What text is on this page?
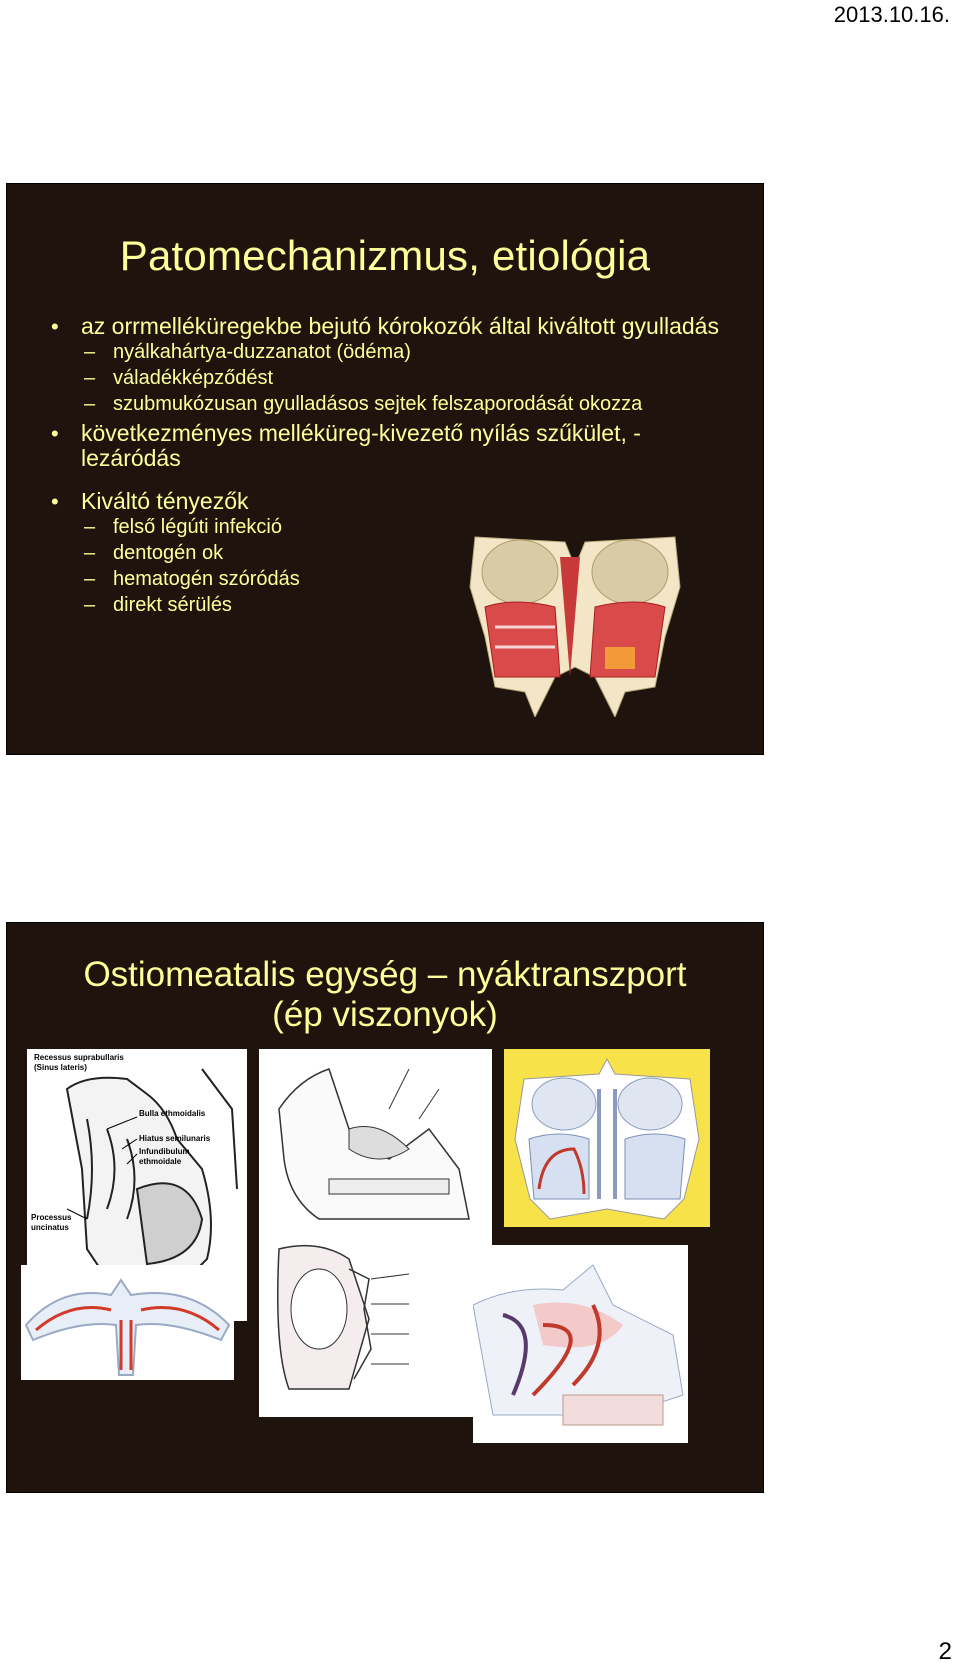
2013.10.16.
Patomechanizmus, etiológia
• az orrmelléküregekbe bejutó kórokozók által kiváltott gyulladás
– nyálkahártya-duzzanatot (ödéma)
– váladékképződést
– szubmukózusan gyulladásos sejtek felszaporodását okozza
• következményes melléküreg-kivezető nyílás szűkület, -lezáródás
• Kiváltó tényezők
– felső légúti infekció
– dentogén ok
– hematogén szóródás
– direkt sérülés
Ostiomeatalis egység – nyáktranszport
(ép viszonyok)
Recessus suprabullaris
(Sinus lateris)
Bulla ethmoidalis
Hiatus semilunaris
Infundibulum
ethmoidale
Processus
uncinatus
2
